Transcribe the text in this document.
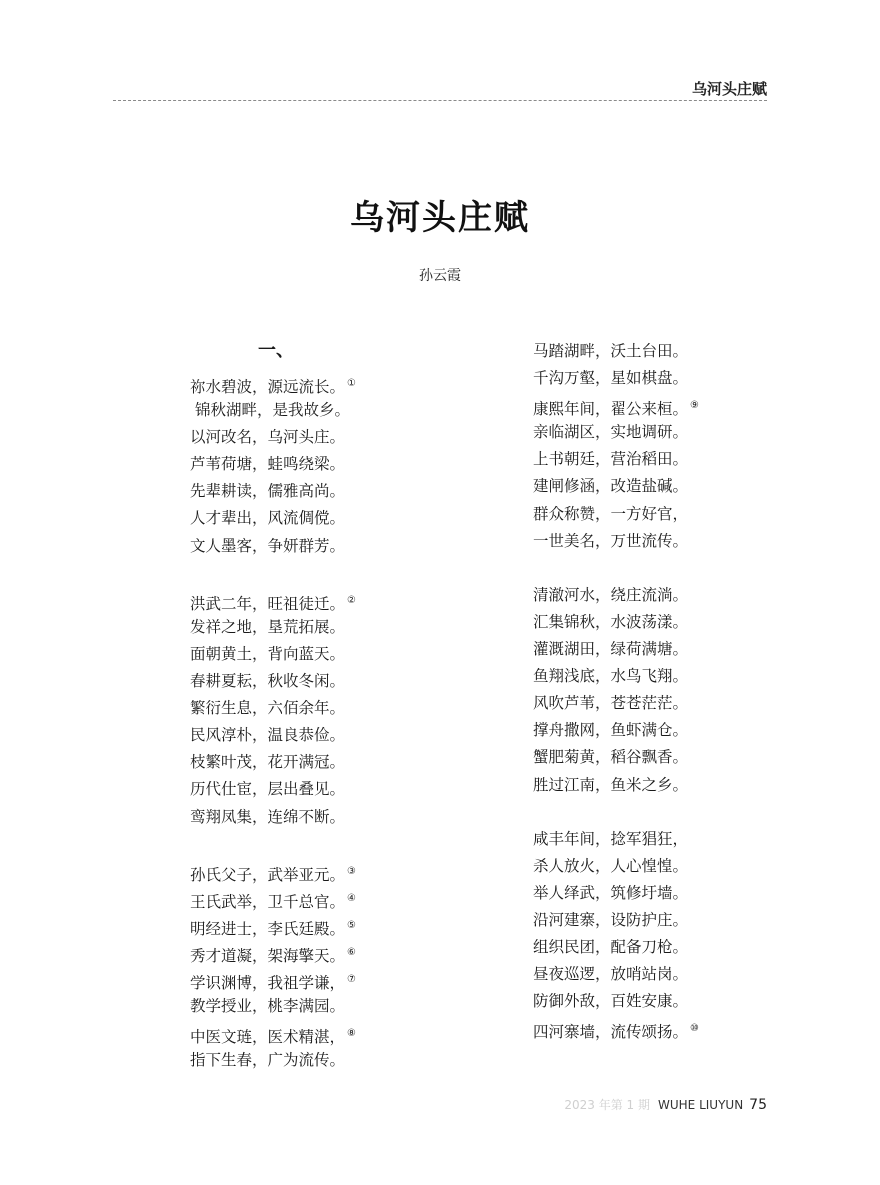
乌河头庄赋
乌河头庄赋
孙云霞
一、
祢水碧波，源远流长。 ①
锦秋湖畔，是我故乡。
以河改名，乌河头庄。
芦苇荷塘，蛙鸣绕梁。
先辈耕读，儒雅高尚。
人才辈出，风流倜傥。
文人墨客，争妍群芳。
洪武二年，旺祖徒迁。 ②
发祥之地，垦荒拓展。
面朝黄土，背向蓝天。
春耕夏耘，秋收冬闲。
繁衍生息，六佰余年。
民风淳朴，温良恭俭。
枝繁叶茂，花开满冠。
历代仕宦，层出叠见。
鸾翔凤集，连绵不断。
孙氏父子，武举亚元。 ③
王氏武举，卫千总官。 ④
明经进士，李氏廷殿。 ⑤
秀才道凝，架海擎天。 ⑥
学识渊博，我祖学谦， ⑦
教学授业，桃李满园。
中医文琏，医术精湛， ⑧
指下生春，广为流传。
马踏湖畔，沃土台田。
千沟万壑，星如棋盘。
康熙年间，翟公来桓。 ⑨
亲临湖区，实地调研。
上书朝廷，营治稻田。
建闸修涵，改造盐碱。
群众称赞，一方好官，
一世美名，万世流传。
清澈河水，绕庄流淌。
汇集锦秋，水波荡漾。
灌溉湖田，绿荷满塘。
鱼翔浅底，水鸟飞翔。
风吹芦苇，苍苍茫茫。
撑舟撒网，鱼虾满仓。
蟹肥菊黄，稻谷飘香。
胜过江南，鱼米之乡。
咸丰年间，捻军猖狂，
杀人放火，人心惶惶。
举人绎武，筑修圩墙。
沿河建寨，设防护庄。
组织民团，配备刀枪。
昼夜巡逻，放哨站岗。
防御外敌，百姓安康。
四河寨墙，流传颂扬。 ⑩
2023 年第 1 期 WUHE LIUYUN 75
